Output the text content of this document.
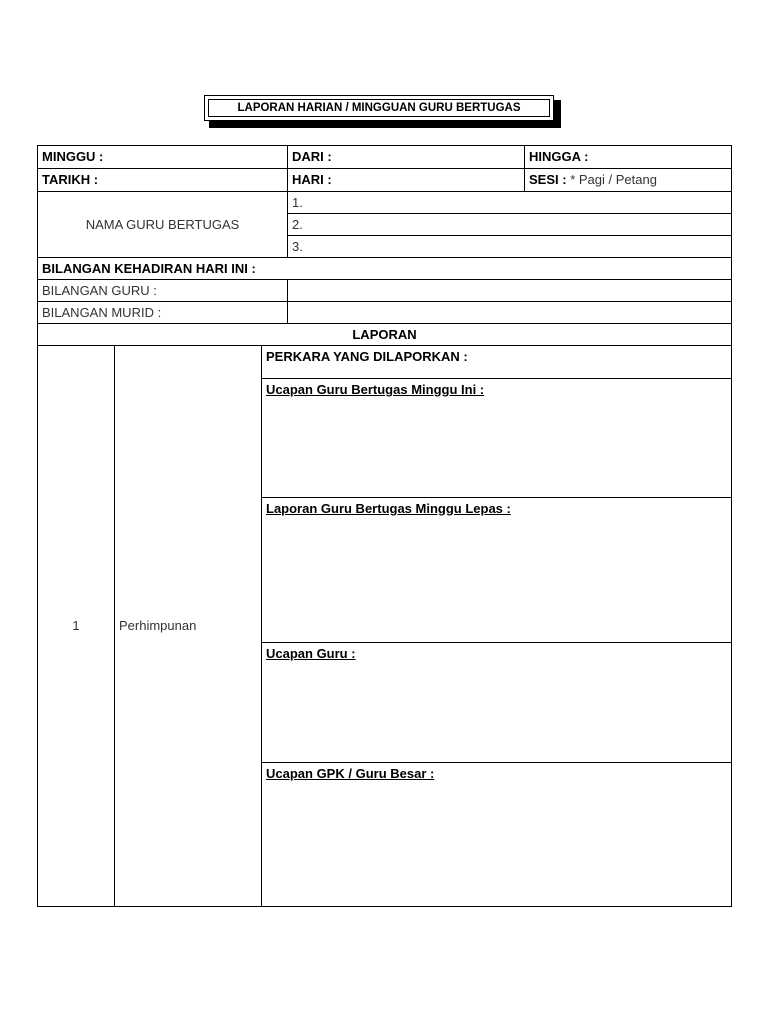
LAPORAN HARIAN / MINGGUAN GURU BERTUGAS
MINGGU :			DARI :	HINGGA :
TARIKH :			HARI :	SESI : * Pagi / Petang
NAMA GURU BERTUGAS			1.	
			2.	
			3.	
BILANGAN KEHADIRAN HARI INI :				
BILANGAN GURU :				
BILANGAN MURID :				
LAPORAN				
1	Perhimpunan	PERKARA YANG DILAPORKAN :		
		Ucapan Guru Bertugas Minggu Ini :		
		Laporan Guru Bertugas Minggu Lepas :		
		Ucapan Guru :		
		Ucapan GPK / Guru Besar :		
